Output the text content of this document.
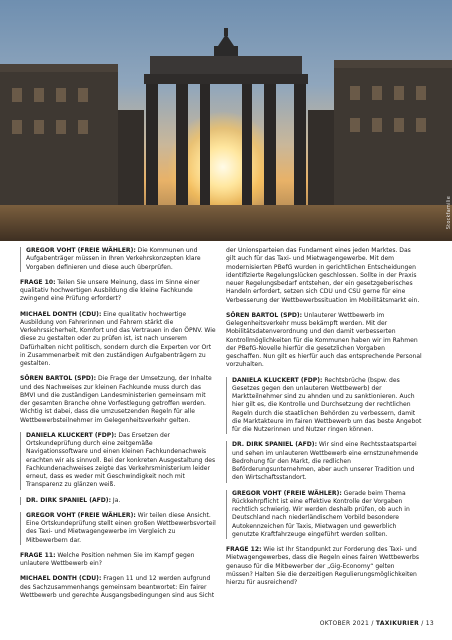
Stockfamilie

GREGOR VOHT (FREIE WÄHLER): Die Kommunen und Aufgabenträger müssen in Ihren Verkehrskonzepten klare Vorgaben definieren und diese auch überprüfen.

FRAGE 10: Teilen Sie unsere Meinung, dass im Sinne einer qualitativ hochwertigen Ausbildung die kleine Fachkunde zwingend eine Prüfung erfordert?

MICHAEL DONTH (CDU): Eine qualitativ hochwertige Ausbildung von Fahrerinnen und Fahrern stärkt die Verkehrssicherheit, Komfort und das Vertrauen in den ÖPNV. Wie diese zu gestalten oder zu prüfen ist, ist nach unserem Dafürhalten nicht politisch, sondern durch die Experten vor Ort in Zusammenarbeit mit den zuständigen Aufgabenträgern zu gestalten.

SÖREN BARTOL (SPD): Die Frage der Umsetzung, der Inhalte und des Nachweises zur kleinen Fachkunde muss durch das BMVI und die zuständigen Landesministerien gemeinsam mit der gesamten Branche ohne Vorfestlegung getroffen werden. Wichtig ist dabei, dass die umzusetzenden Regeln für alle Wettbewerbsteilnehmer im Gelegenheitsverkehr gelten.

DANIELA KLUCKERT (FDP): Das Ersetzen der Ortskundeprüfung durch eine zeitgemäße Navigationssoftware und einen kleinen Fachkundenachweis erachten wir als sinnvoll. Bei der konkreten Ausgestaltung des Fachkundenachweises zeigte das Verkehrsministerium leider erneut, dass es weder mit Geschwindigkeit noch mit Transparenz zu glänzen weiß.

DR. DIRK SPANIEL (AFD): Ja.

GREGOR VOHT (FREIE WÄHLER): Wir teilen diese Ansicht. Eine Ortskundeprüfung stellt einen großen Wettbewerbsvorteil des Taxi- und Mietwagengewerbe im Vergleich zu Mitbewerbern dar.

FRAGE 11: Welche Position nehmen Sie im Kampf gegen unlautere Wettbewerb ein?

MICHAEL DONTH (CDU): Fragen 11 und 12 werden aufgrund des Sachzusammenhangs gemeinsam beantwortet: Ein fairer Wettbewerb und gerechte Ausgangsbedingungen sind aus Sicht

der Unionsparteien das Fundament eines jeden Marktes. Das gilt auch für das Taxi- und Mietwagengewerbe. Mit dem modernisierten PBefG wurden in gerichtlichen Entscheidungen identifizierte Regelungslücken geschlossen. Sollte in der Praxis neuer Regelungsbedarf entstehen, der ein gesetzgeberisches Handeln erfordert, setzen sich CDU und CSU gerne für eine Verbesserung der Wettbewerbssituation im Mobilitätsmarkt ein.

SÖREN BARTOL (SPD): Unlauterer Wettbewerb im Gelegenheitsverkehr muss bekämpft werden. Mit der Mobilitätsdatenverordnung und den damit verbesserten Kontrollmöglichkeiten für die Kommunen haben wir im Rahmen der PBefG-Novelle hierfür die gesetzlichen Vorgaben geschaffen. Nun gilt es hierfür auch das entsprechende Personal vorzuhalten.

DANIELA KLUCKERT (FDP): Rechtsbrüche (bspw. des Gesetzes gegen den unlauteren Wettbewerb) der Marktteilnehmer sind zu ahnden und zu sanktionieren. Auch hier gilt es, die Kontrolle und Durchsetzung der rechtlichen Regeln durch die staatlichen Behörden zu verbessern, damit die Marktakteure im fairen Wettbewerb um das beste Angebot für die Nutzerinnen und Nutzer ringen können.

DR. DIRK SPANIEL (AFD): Wir sind eine Rechtsstaatspartei und sehen im unlauteren Wettbewerb eine ernstzunehmende Bedrohung für den Markt, die redlichen Beförderungsunternehmen, aber auch unserer Tradition und den Wirtschaftsstandort.

GREGOR VOHT (FREIE WÄHLER): Gerade beim Thema Rückkehrpflicht ist eine effektive Kontrolle der Vorgaben rechtlich schwierig. Wir werden deshalb prüfen, ob auch in Deutschland nach niederländischem Vorbild besondere Autokennzeichen für Taxis, Mietwagen und gewerblich genutzte Kraftfahrzeuge eingeführt werden sollten.

FRAGE 12: Wie ist Ihr Standpunkt zur Forderung des Taxi- und Mietwagengewerbes, dass die Regeln eines fairen Wettbewerbs genauso für die Mitbewerber der „Gig-Economy“ gelten müssen? Halten Sie die derzeitigen Regulierungsmöglichkeiten hierzu für ausreichend?

OKTOBER 2021 / TAXIKURIER / 13
